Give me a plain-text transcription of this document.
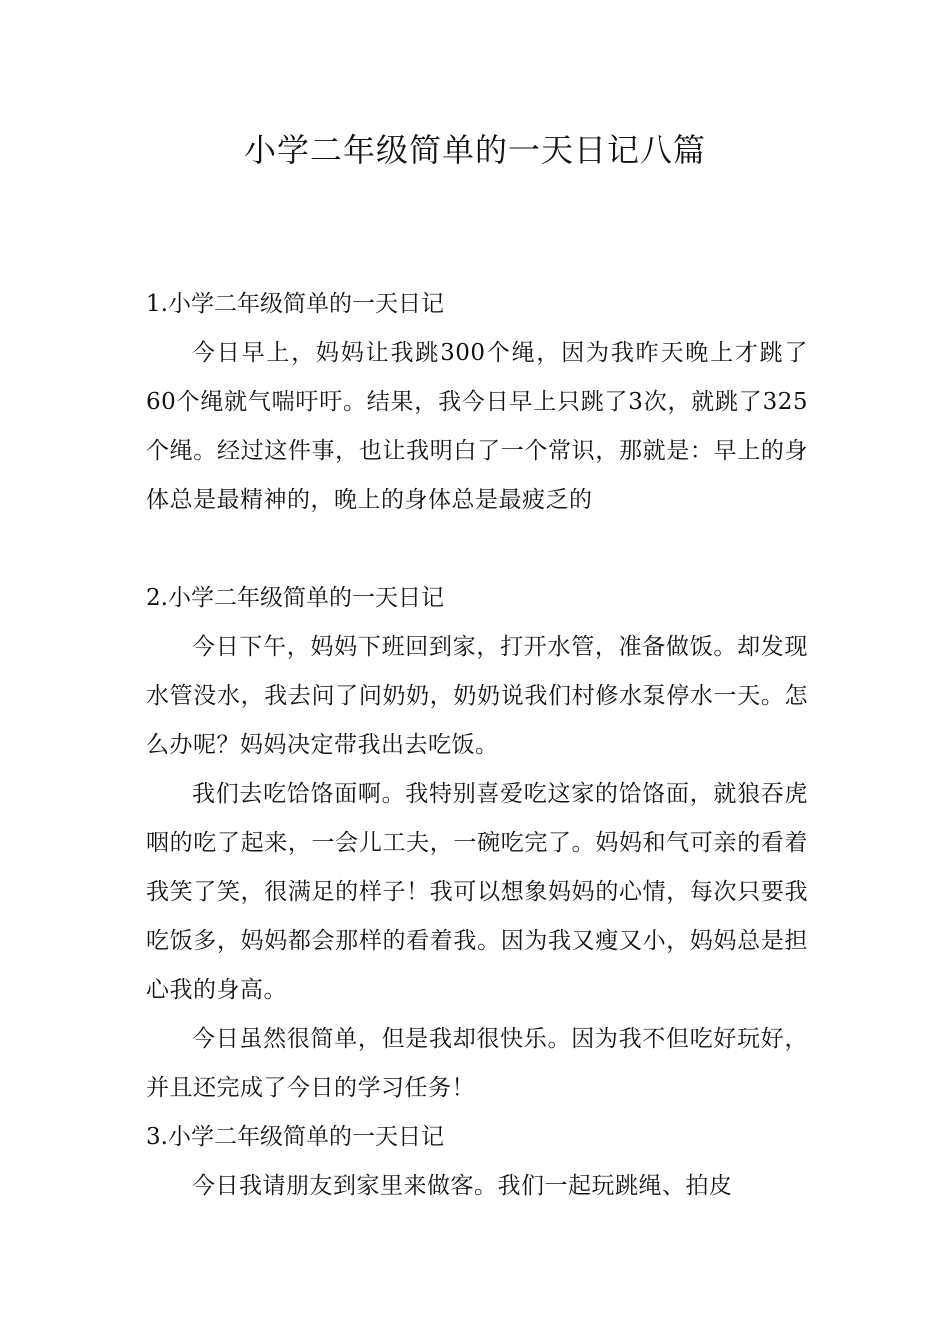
小学二年级简单的一天日记八篇

1.小学二年级简单的一天日记

今日早上，妈妈让我跳300个绳，因为我昨天晚上才跳了60个绳就气喘吁吁。结果，我今日早上只跳了3次，就跳了325个绳。经过这件事，也让我明白了一个常识，那就是：早上的身体总是最精神的，晚上的身体总是最疲乏的

2.小学二年级简单的一天日记

今日下午，妈妈下班回到家，打开水管，准备做饭。却发现水管没水，我去问了问奶奶，奶奶说我们村修水泵停水一天。怎么办呢？妈妈决定带我出去吃饭。

我们去吃饸饹面啊。我特别喜爱吃这家的饸饹面，就狼吞虎咽的吃了起来，一会儿工夫，一碗吃完了。妈妈和气可亲的看着我笑了笑，很满足的样子！我可以想象妈妈的心情，每次只要我吃饭多，妈妈都会那样的看着我。因为我又瘦又小，妈妈总是担心我的身高。

今日虽然很简单，但是我却很快乐。因为我不但吃好玩好，并且还完成了今日的学习任务！

3.小学二年级简单的一天日记

今日我请朋友到家里来做客。我们一起玩跳绳、拍皮
